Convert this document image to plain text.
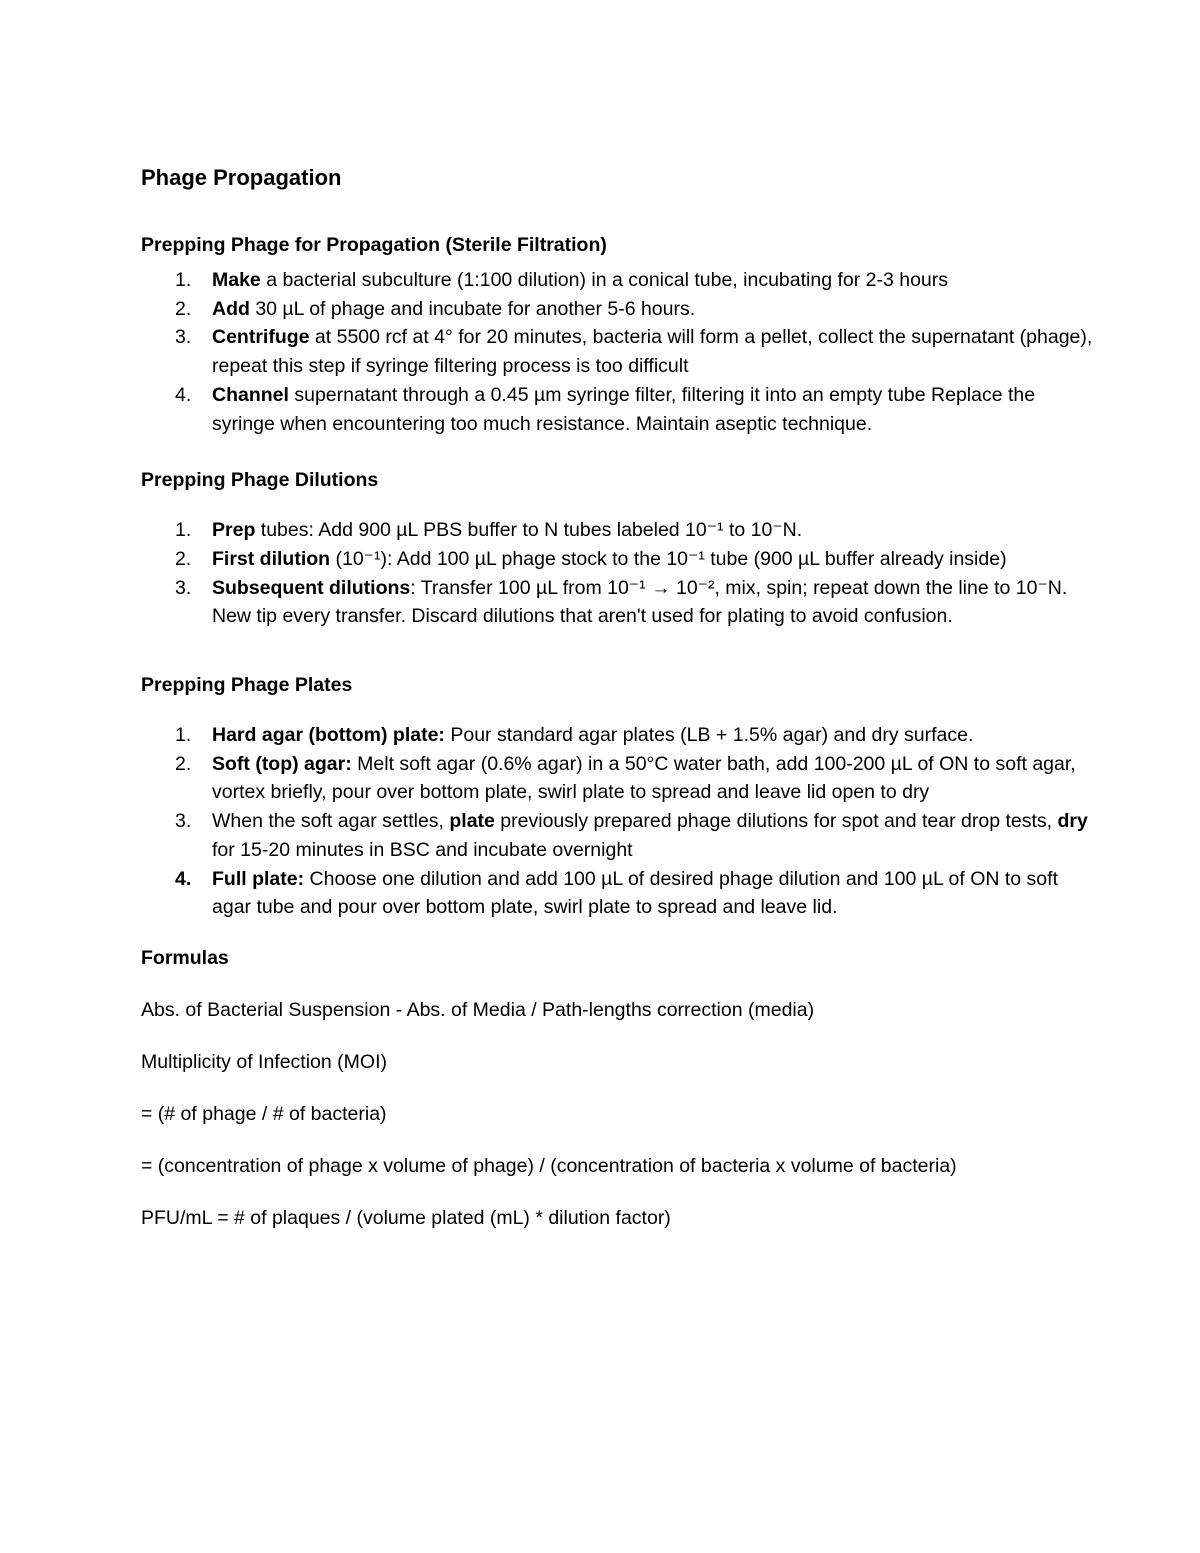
Phage Propagation
Prepping Phage for Propagation (Sterile Filtration)
1. Make a bacterial subculture (1:100 dilution) in a conical tube, incubating for 2-3 hours
2. Add 30 µL of phage and incubate for another 5-6 hours.
3. Centrifuge at 5500 rcf at 4° for 20 minutes, bacteria will form a pellet, collect the supernatant (phage), repeat this step if syringe filtering process is too difficult
4. Channel supernatant through a 0.45 µm syringe filter, filtering it into an empty tube Replace the syringe when encountering too much resistance. Maintain aseptic technique.
Prepping Phage Dilutions
1. Prep tubes: Add 900 µL PBS buffer to N tubes labeled 10⁻¹ to 10⁻N.
2. First dilution (10⁻¹): Add 100 µL phage stock to the 10⁻¹ tube (900 µL buffer already inside)
3. Subsequent dilutions: Transfer 100 µL from 10⁻¹ → 10⁻², mix, spin; repeat down the line to 10⁻N. New tip every transfer. Discard dilutions that aren't used for plating to avoid confusion.
Prepping Phage Plates
1. Hard agar (bottom) plate: Pour standard agar plates (LB + 1.5% agar) and dry surface.
2. Soft (top) agar: Melt soft agar (0.6% agar) in a 50°C water bath, add 100-200 µL of ON to soft agar, vortex briefly, pour over bottom plate, swirl plate to spread and leave lid open to dry
3. When the soft agar settles, plate previously prepared phage dilutions for spot and tear drop tests, dry for 15-20 minutes in BSC and incubate overnight
4. Full plate: Choose one dilution and add 100 µL of desired phage dilution and 100 µL of ON to soft agar tube and pour over bottom plate, swirl plate to spread and leave lid.
Formulas

Abs. of Bacterial Suspension - Abs. of Media / Path-lengths correction (media)

Multiplicity of Infection (MOI)

= (# of phage / # of bacteria)

= (concentration of phage x volume of phage) / (concentration of bacteria x volume of bacteria)

PFU/mL = # of plaques / (volume plated (mL) * dilution factor)
